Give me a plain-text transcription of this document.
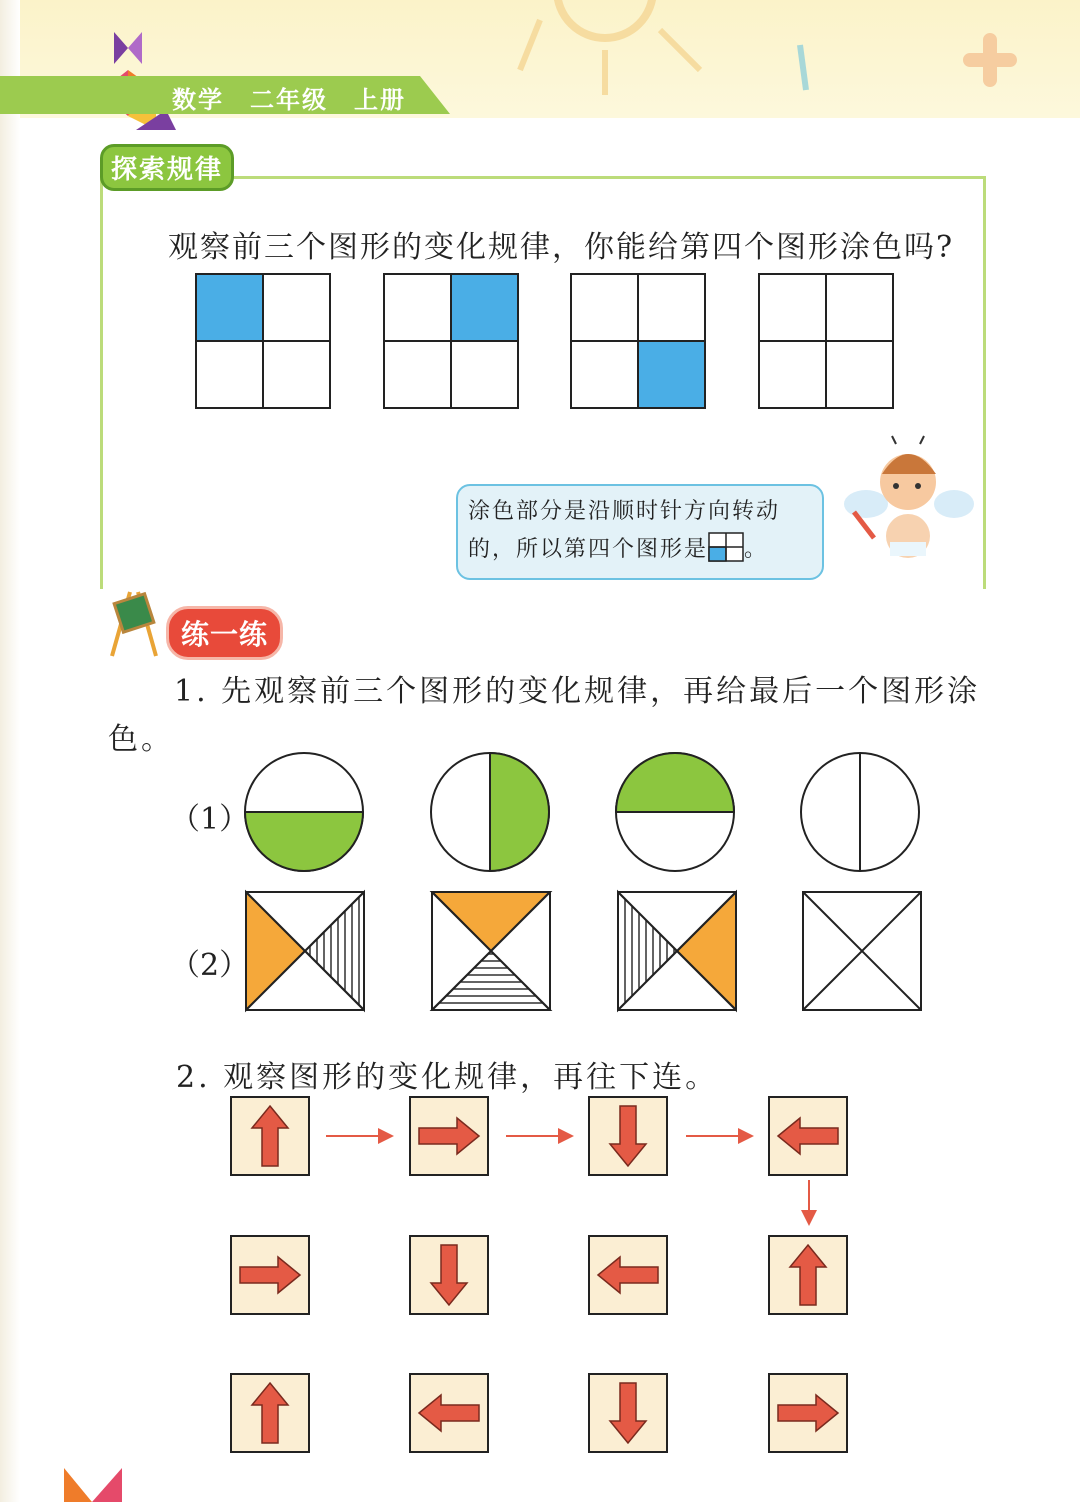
数学 二年级 上册
探索规律
观察前三个图形的变化规律，你能给第四个图形涂色吗?
涂色部分是沿顺时针方向转动
的，所以第四个图形是 。
练一练
1. 先观察前三个图形的变化规律，再给最后一个图形涂色。
（1）
（2）
2. 观察图形的变化规律，再往下连。
